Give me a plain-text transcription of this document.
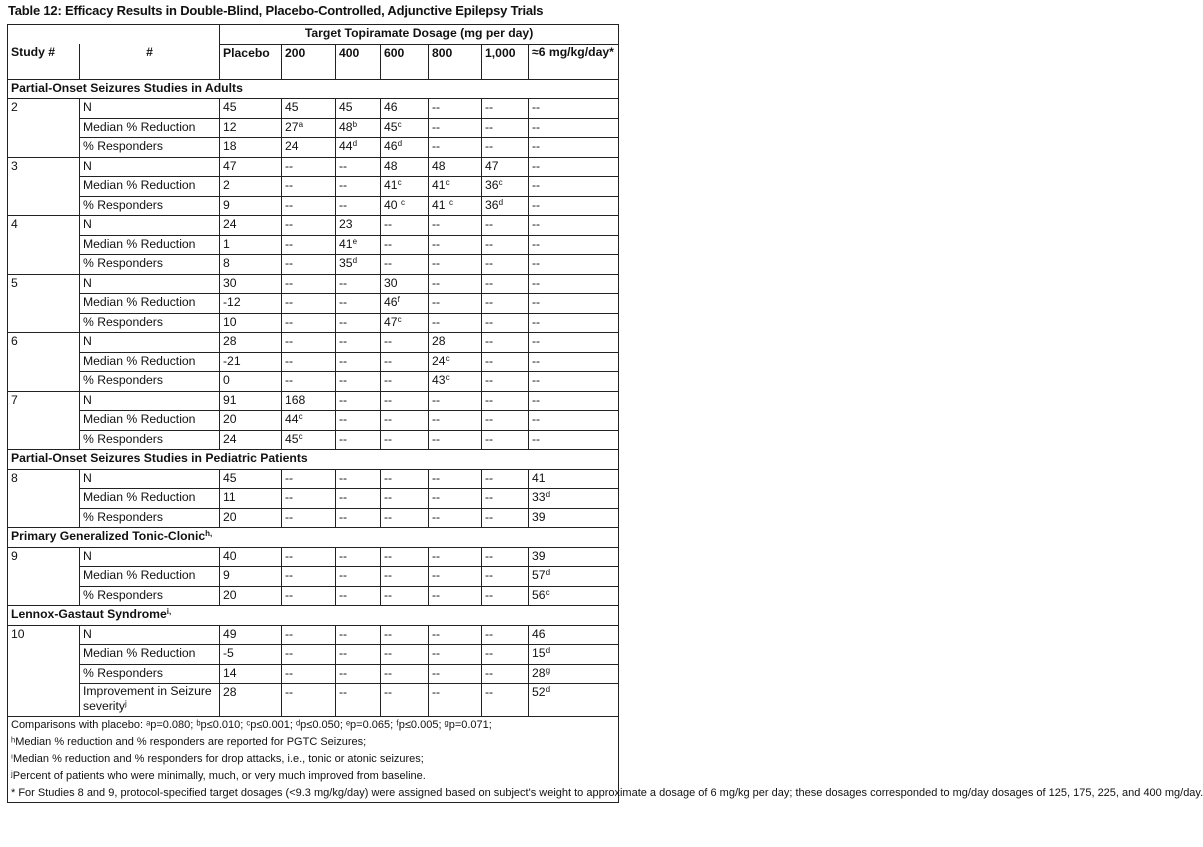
Table 12: Efficacy Results in Double-Blind, Placebo-Controlled, Adjunctive Epilepsy Trials
		Target Topiramate Dosage (mg per day)						
Study #	#	Placebo	200	400	600	800	1,000	≈6 mg/kg/day*
Partial-Onset Seizures Studies in Adults								
2	N	45	45	45	46	--	--	--
	Median % Reduction	12	27$^a$	48$^b$	45$^c$	--	--	--
	% Responders	18	24	44$^d$	46$^d$	--	--	--
3	N	47	--	--	48	48	47	--
	Median % Reduction	2	--	--	41$^c$	41$^c$	36$^c$	--
	% Responders	9	--	--	40 $^c$	41 $^c$	36$^d$	--
4	N	24	--	23	--	--	--	--
	Median % Reduction	1	--	41e	--	--	--	--
	% Responders	8	--	35$^d$	--	--	--	--
5	N	30	--	--	30	--	--	--
	Median % Reduction	-12	--	--	46$^f$	--	--	--
	% Responders	10	--	--	47$^c$	--	--	--
6	N	28	--	--	--	28	--	--
	Median % Reduction	-21	--	--	--	24$^c$	--	--
	% Responders	0	--	--	--	43$^c$	--	--
7	N	91	168	--	--	--	--	--
	Median % Reduction	20	44$^c$	--	--	--	--	--
	% Responders	24	45$^c$	--	--	--	--	--
Partial-Onset Seizures Studies in Pediatric Patients								
8	N	45	--	--	--	--	--	41
	Median % Reduction	11	--	--	--	--	--	33$^d$
	% Responders	20	--	--	--	--	--	39
Primary Generalized Tonic-Clonic$^{h,}$
9	N	40	--	--	--	--	--	39
	Median % Reduction	9	--	--	--	--	--	57$^d$
	% Responders	20	--	--	--	--	--	56$^c$
Lennox-Gastaut Syndrome$^{i,}$
10	N	49	--	--	--	--	--	46
	Median % Reduction	-5	--	--	--	--	--	15$^d$
	% Responders	14	--	--	--	--	--	28$^g$
	Improvement in Seizure severity$^j$	28	--	--	--	--	--	52$^d$

Comparisons with placebo: ᵃp=0.080; ᵇp≤0.010; ᶜp≤0.001; ᵈp≤0.050; ᵉp=0.065; ᶠp≤0.005; ᵍp=0.071;
ʰMedian % reduction and % responders are reported for PGTC Seizures;
ⁱMedian % reduction and % responders for drop attacks, i.e., tonic or atonic seizures;
ʲPercent of patients who were minimally, much, or very much improved from baseline.
* For Studies 8 and 9, protocol-specified target dosages (<9.3 mg/kg/day) were assigned based on subject's weight to approximate a dosage of 6 mg/kg per day; these dosages corresponded to mg/day dosages of 125, 175, 225, and 400 mg/day.								
